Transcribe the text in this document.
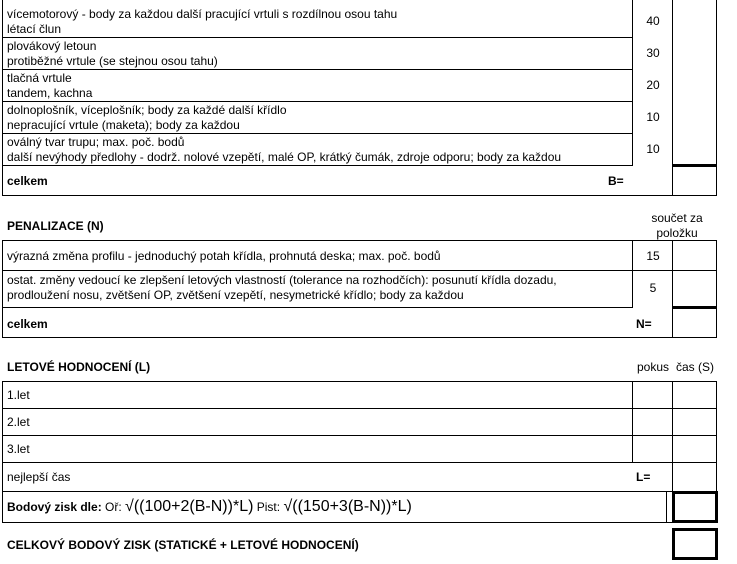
vícemotorový - body za každou další pracující vrtuli s rozdílnou osou tahu
létací člun
40
plovákový letoun
protiběžné vrtule (se stejnou osou tahu)
30
tlačná vrtule
tandem, kachna
20
dolnoplošník, víceplošník; body za každé další křídlo
nepracující vrtule (maketa); body za každou
10
oválný tvar trupu; max. poč. bodů
další nevýhody předlohy - dodrž. nolové vzepětí, malé OP, krátký čumák, zdroje odporu; body za každou
10
celkem	B=
PENALIZACE (N)
součet za
položku
výrazná změna profilu - jednoduchý potah křídla, prohnutá deska; max. poč. bodů	15
ostat. změny vedoucí ke zlepšení letových vlastností (tolerance na rozhodčích): posunutí křídla dozadu,
prodloužení nosu, zvětšení OP, zvětšení vzepětí, nesymetrické křídlo; body za každou	5
celkem	N=
LETOVÉ HODNOCENÍ (L)	pokus čas (S)
1.let
2.let
3.let
nejlepší čas	L=
Bodový zisk dle: Oř: √((100+2(B-N))*L) Pist: √((150+3(B-N))*L)
CELKOVÝ BODOVÝ ZISK (STATICKÉ + LETOVÉ HODNOCENÍ)
